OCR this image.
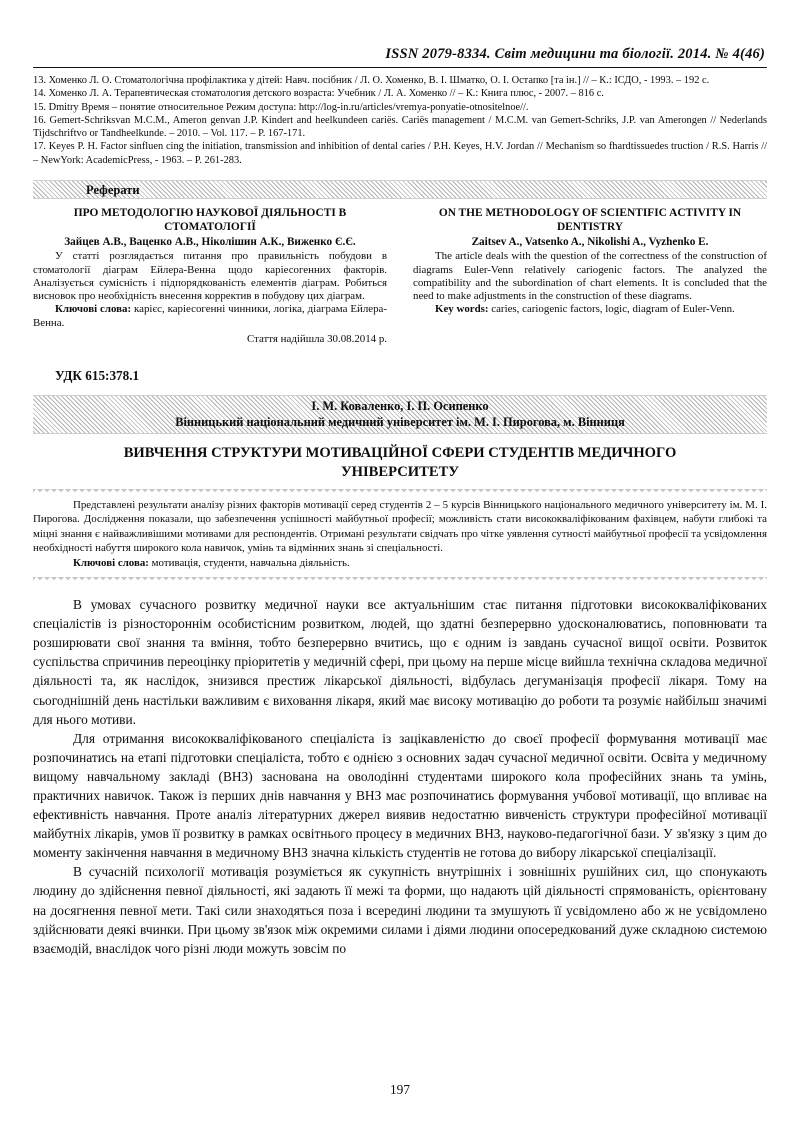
ISSN 2079-8334. Світ медицини та біології. 2014. № 4(46)
13. Хоменко Л. О. Стоматологічна профілактика у дітей: Навч. посібник / Л. О. Хоменко, В. І. Шматко, О. І. Остапко [та ін.] // – К.: ІСДО, - 1993. – 192 с.
14. Хоменко Л. А. Терапевтическая стоматология детского возраста: Учебник / Л. А. Хоменко // – К.: Книга плюс, - 2007. – 816 с.
15. Dmitry Время – понятие относительное Режим доступа: http://log-in.ru/articles/vremya-ponyatie-otnositelnoe//.
16. Gemert-Schriksvan M.C.M., Ameron genvan J.P. Kindert and heelkundeen cariës. Cariës management / M.C.M. van Gemert-Schriks, J.P. van Amerongen // Nederlands Tijdschriftvo or Tandheelkunde. – 2010. – Vol. 117. – P. 167-171.
17. Keyes P. H. Factor sinfluen cing the initiation, transmission and inhibition of dental caries / P.H. Keyes, H.V. Jordan // Mechanism so fhardtissuedes truction / R.S. Harris // – NewYork: AcademicPress, - 1963. – P. 261-283.
Реферати
ПРО МЕТОДОЛОГІЮ НАУКОВОЇ ДІЯЛЬНОСТІ В СТОМАТОЛОГІЇ
Зайцев А.В., Ваценко А.В., Ніколішин А.К., Виженко Є.Є.

У статті розглядається питання про правильність побудови в стоматології діаграм Ейлера-Венна щодо каріесогенних факторів. Аналізується сумісність і підпорядкованість елементів діаграм. Робиться висновок про необхідність внесення корректив в побудову цих діаграм.

Ключові слова: карієс, каріесогенні чинники, логіка, діаграма Ейлера-Венна.

Стаття надійшла 30.08.2014 р.
ON THE METHODOLOGY OF SCIENTIFIC ACTIVITY IN DENTISTRY
Zaitsev A., Vatsenko A., Nikolishi A., Vyzhenko E.

The article deals with the question of the correctness of the construction of diagrams Euler-Venn relatively cariogenic factors. The analyzed the compatibility and the subordination of chart elements. It is concluded that the need to make adjustments in the construction of these diagrams.

Key words: caries, cariogenic factors, logic, diagram of Euler-Venn.

УДК 615:378.1
І. М. Коваленко, І. П. Осипенко
Вінницький національний медичний університет ім. М. І. Пирогова, м. Вінниця
ВИВЧЕННЯ СТРУКТУРИ МОТИВАЦІЙНОЇ СФЕРИ СТУДЕНТІВ МЕДИЧНОГО УНІВЕРСИТЕТУ

Представлені результати аналізу різних факторів мотивації серед студентів 2 – 5 курсів Вінницького національного медичного університету ім. М. І. Пирогова. Дослідження показали, що забезпечення успішності майбутньої професії; можливість стати висококваліфікованим фахівцем, набути глибокі та міцні знання є найважливішими мотивами для респондентів. Отримані результати свідчать про чітке уявлення сутності майбутньої професії та усвідомлення необхідності набуття широкого кола навичок, умінь та відмінних знань зі спеціальності.

Ключові слова: мотивація, студенти, навчальна діяльність.

В умовах сучасного розвитку медичної науки все актуальнішим стає питання підготовки висококваліфікованих спеціалістів із різностороннім особистісним розвитком, людей, що здатні безперервно удосконалюватись, поповнювати та розширювати свої знання та вміння, тобто безперервно вчитись, що є одним із завдань сучасної вищої освіти. Розвиток суспільства спричинив переоцінку пріоритетів у медичній сфері, при цьому на перше місце вийшла технічна складова медичної діяльності та, як наслідок, знизився престиж лікарської діяльності, відбулась дегуманізація професії лікаря. Тому на сьогоднішній день настільки важливим є виховання лікаря, який має високу мотивацію до роботи та розуміє найбільш значимі для нього мотиви.

Для отримання висококваліфікованого спеціаліста із зацікавленістю до своєї професії формування мотивації має розпочинатись на етапі підготовки спеціаліста, тобто є однією з основних задач сучасної медичної освіти. Освіта у медичному вищому навчальному закладі (ВНЗ) заснована на оволодінні студентами широкого кола професійних знань та умінь, практичних навичок. Також із перших днів навчання у ВНЗ має розпочинатись формування учбової мотивації, що впливає на ефективність навчання. Проте аналіз літературних джерел виявив недостатню вивченість структури професійної мотивації майбутніх лікарів, умов її розвитку в рамках освітнього процесу в медичних ВНЗ, науково-педагогічної бази. У зв'язку з цим до моменту закінчення навчання в медичному ВНЗ значна кількість студентів не готова до вибору лікарської спеціалізації.

В сучасній психології мотивація розуміється як сукупність внутрішніх і зовнішніх рушійних сил, що спонукають людину до здійснення певної діяльності, які задають її межі та форми, що надають цій діяльності спрямованість, орієнтовану на досягнення певної мети. Такі сили знаходяться поза і всередині людини та змушують її усвідомлено або ж не усвідомлено здійснювати деякі вчинки. При цьому зв'язок між окремими силами і діями людини опосередкований дуже складною системою взаємодій, внаслідок чого різні люди можуть зовсім по

197
